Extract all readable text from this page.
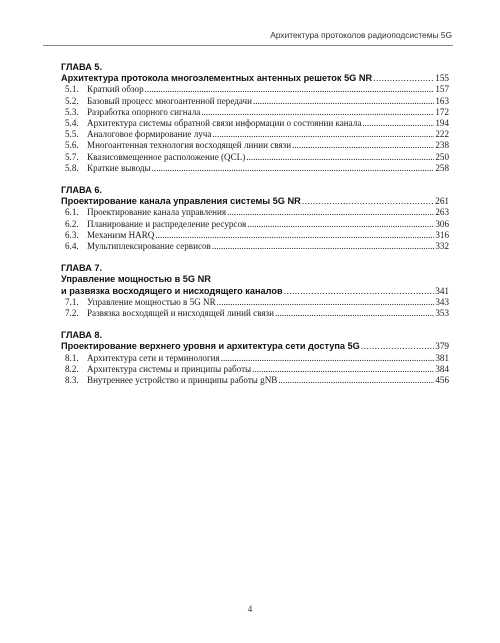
Архитектура протоколов радиоподсистемы 5G
ГЛАВА 5.
Архитектура протокола многоэлементных антенных решеток 5G NR .....	155
5.1. Краткий обзор .....	157
5.2. Базовый процесс многоантенной передачи .....	163
5.3. Разработка опорного сигнала .....	172
5.4. Архитектура системы обратной связи информации о состоянии канала .....	194
5.5. Аналоговое формирование луча .....	222
5.6. Многоантенная технология восходящей линии связи .....	238
5.7. Квазисовмещенное расположение (QCL) .....	250
5.8. Краткие выводы .....	258
ГЛАВА 6.
Проектирование канала управления системы 5G NR .....	261
6.1. Проектирование канала управления .....	263
6.2. Планирование и распределение ресурсов .....	306
6.3. Механизм HARQ .....	316
6.4. Мультиплексирование сервисов .....	332
ГЛАВА 7.
Управление мощностью в 5G NR
и развязка восходящего и нисходящего каналов .....	341
7.1. Управление мощностью в 5G NR .....	343
7.2. Развязка восходящей и нисходящей линий связи .....	353
ГЛАВА 8.
Проектирование верхнего уровня и архитектура сети доступа 5G .....	379
8.1. Архитектура сети и терминология .....	381
8.2. Архитектура системы и принципы работы .....	384
8.3. Внутреннее устройство и принципы работы gNB .....	456
4
